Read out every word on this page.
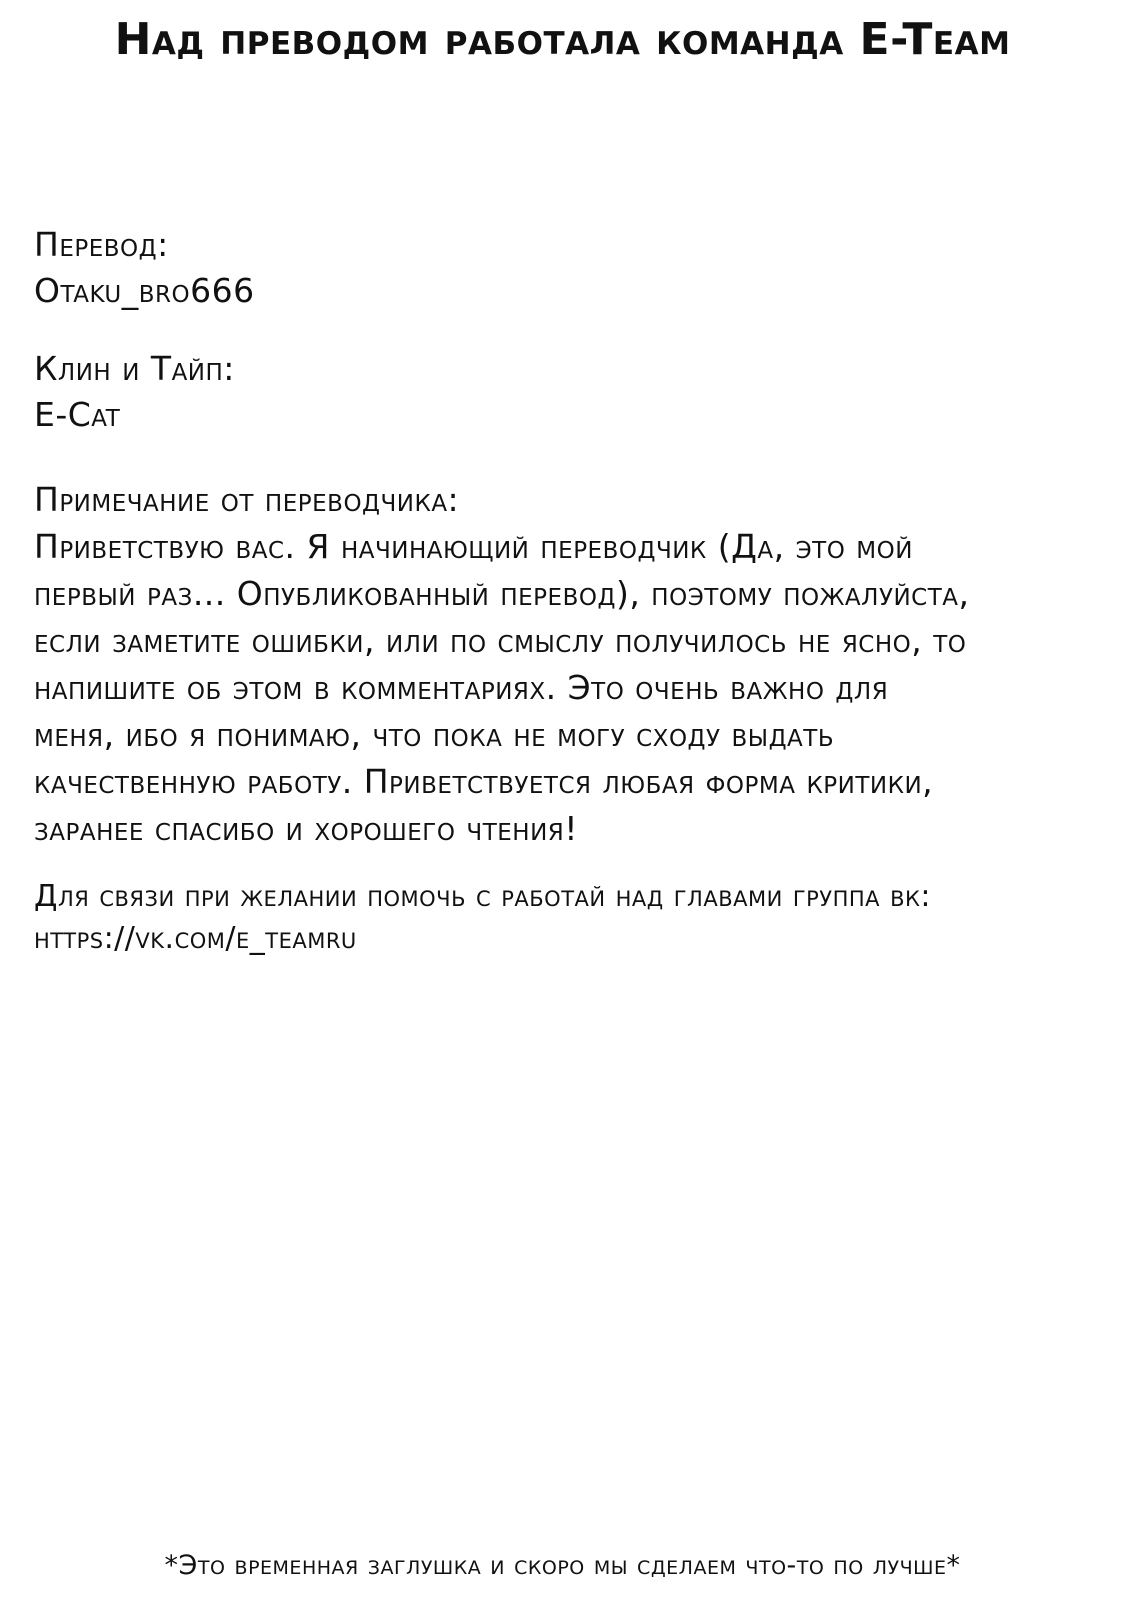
Над преводом работала команда E-Team
Перевод:
Otaku_bro666
Клин и Тайп:
E-Cat
Примечание от переводчика:
Приветствую вас. Я начинающий переводчик (Да, это мой
первый раз... Опубликованный перевод), поэтому пожалуйста,
если заметите ошибки, или по смыслу получилось не ясно, то
напишите об этом в комментариях. Это очень важно для
меня, ибо я понимаю, что пока не могу сходу выдать
качественную работу. Приветствуется любая форма критики,
заранее спасибо и хорошего чтения!
Для связи при желании помочь с работай над главами группа вк:
https://vk.com/e_teamru
*Это временная заглушка и скоро мы сделаем что-то по лучше*
